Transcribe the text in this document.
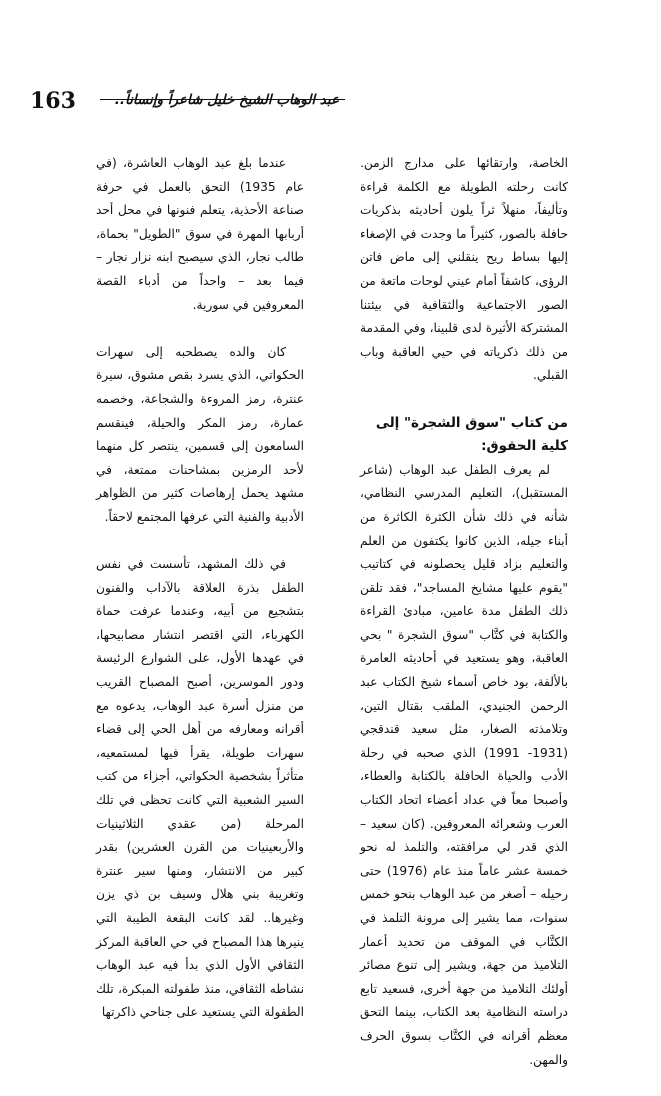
163	عبد الوهاب الشيخ خليل شاعراً وإنساناً..

الخاصة، وارتقائها على مدارج الزمن. كانت رحلته الطويلة مع الكلمة قراءة وتأليفاً، منهلاً ثراً يلون أحاديثه بذكريات حافلة بالصور، كثيراً ما وجدت في الإصغاء إليها بساط ريح ينقلني إلى ماض فاتن الرؤى، كاشفاً أمام عيني لوحات ماتعة من الصور الاجتماعية والثقافية في بيئتنا المشتركة الأثيرة لدى قلبينا، وفي المقدمة من ذلك ذكرياته في حيي العاقبة وباب القبلي.

من كتاب "سوق الشجرة" إلى كلية الحقوق:

لم يعرف الطفل عبد الوهاب (شاعر المستقبل)، التعليم المدرسي النظامي، شأنه في ذلك شأن الكثرة الكاثرة من أبناء جيله، الذين كانوا يكتفون من العلم والتعليم بزاد قليل يحصلونه في كتاتيب "يقوم عليها مشايخ المساجد"، فقد تلقن ذلك الطفل مدة عامين، مبادئ القراءة والكتابة في كتَّاب "سوق الشجرة " بحي العاقبة، وهو يستعيد في أحاديثه العامرة بالألفة، بود خاص أسماء شيخ الكتاب عبد الرحمن الجنيدي، الملقب بقتال التين، وتلامذته الصغار، مثل سعيد قندقجي (1931- 1991) الذي صحبه في رحلة الأدب والحياة الحافلة بالكتابة والعطاء، وأصبحا معاً في عداد أعضاء اتحاد الكتاب العرب وشعرائه المعروفين. (كان سعيد – الذي قدر لي مرافقته، والتلمذ له نحو خمسة عشر عاماً منذ عام (1976) حتى رحيله – أصغر من عبد الوهاب بنحو خمس سنوات، مما يشير إلى مرونة التلمذ في الكتَّاب في الموقف من تحديد أعمار التلاميذ من جهة، ويشير إلى تنوع مصائر أولئك التلاميذ من جهة أخرى، فسعيد تابع دراسته النظامية بعد الكتاب، بينما التحق معظم أقرانه في الكتَّاب بسوق الحرف والمهن.

عندما بلغ عبد الوهاب العاشرة، (في عام 1935) التحق بالعمل في حرفة صناعة الأحذية، يتعلم فنونها في محل أحد أربابها المهرة في سوق "الطويل" بحماة، طالب نجار، الذي سيصبح ابنه نزار نجار – فيما بعد – واحداً من أدباء القصة المعروفين في سورية.

كان والده يصطحبه إلى سهرات الحكواتي، الذي يسرد بقص مشوق، سيرة عنترة، رمز المروءة والشجاعة، وخصمه عمارة، رمز المكر والحيلة، فينقسم السامعون إلى قسمين، ينتصر كل منهما لأحد الرمزين بمشاحنات ممتعة، في مشهد يحمل إرهاصات كثير من الظواهر الأدبية والفنية التي عرفها المجتمع لاحقاً.

في ذلك المشهد، تأسست في نفس الطفل بذرة العلاقة بالآداب والفنون بتشجيع من أبيه، وعندما عرفت حماة الكهرباء، التي اقتصر انتشار مصابيحها، في عهدها الأول، على الشوارع الرئيسة ودور الموسرين، أصبح المصباح القريب من منزل أسرة عبد الوهاب، يدعوه مع أقرانه ومعارفه من أهل الحي إلى قضاء سهرات طويلة، يقرأ فيها لمستمعيه، متأثراً بشخصية الحكواتي، أجزاء من كتب السير الشعبية التي كانت تحظى في تلك المرحلة (من عقدي الثلاثينيات والأربعينيات من القرن العشرين) بقدر كبير من الانتشار، ومنها سير عنترة وتغريبة بني هلال وسيف بن ذي يزن وغيرها.. لقد كانت البقعة الطيبة التي ينيرها هذا المصباح في حي العاقبة المركز الثقافي الأول الذي بدأ فيه عبد الوهاب نشاطه الثقافي، منذ طفولته المبكرة، تلك الطفولة التي يستعيد على جناحي ذاكرتها
